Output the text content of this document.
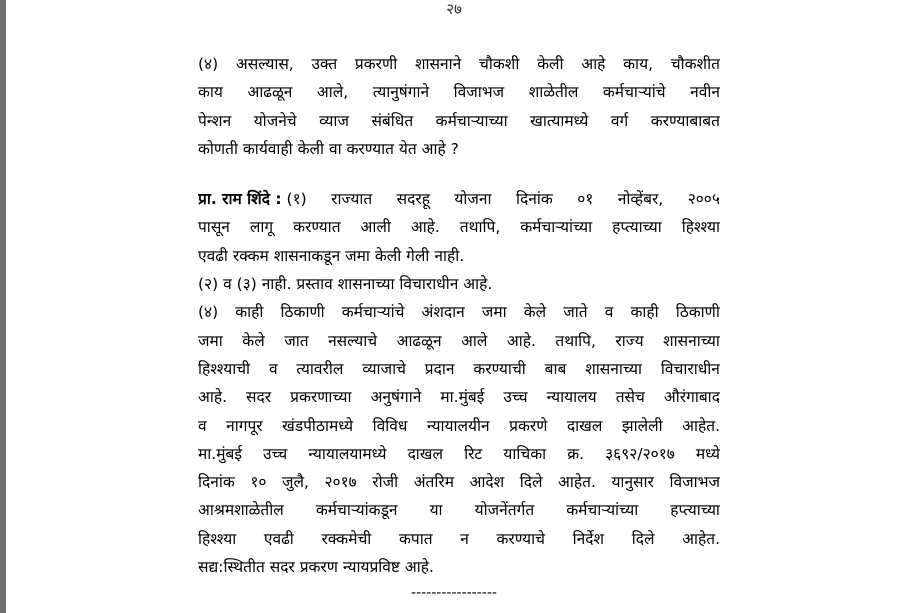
२७
(४) असल्यास, उक्त प्रकरणी शासनाने चौकशी केली आहे काय, चौकशीत
काय आढळून आले, त्यानुषंगाने विजाभज शाळेतील कर्मचाऱ्यांचे नवीन
पेन्शन योजनेचे व्याज संबंधित कर्मचाऱ्याच्या खात्यामध्ये वर्ग करण्याबाबत
कोणती कार्यवाही केली वा करण्यात येत आहे ?
प्रा. राम शिंदे : (१) राज्यात सदरहू योजना दिनांक ०१ नोव्हेंबर, २००५
पासून लागू करण्यात आली आहे. तथापि, कर्मचाऱ्यांच्या हप्त्याच्या हिश्श्या
एवढी रक्कम शासनाकडून जमा केली गेली नाही.
(२) व (३) नाही. प्रस्ताव शासनाच्या विचाराधीन आहे.
(४) काही ठिकाणी कर्मचाऱ्यांचे अंशदान जमा केले जाते व काही ठिकाणी
जमा केले जात नसल्याचे आढळून आले आहे. तथापि, राज्य शासनाच्या
हिश्श्याची व त्यावरील व्याजाचे प्रदान करण्याची बाब शासनाच्या विचाराधीन
आहे. सदर प्रकरणाच्या अनुषंगाने मा.मुंबई उच्च न्यायालय तसेच औरंगाबाद
व नागपूर खंडपीठामध्ये विविध न्यायालयीन प्रकरणे दाखल झालेली आहेत.
मा.मुंबई उच्च न्यायालयामध्ये दाखल रिट याचिका क्र. ३६९२/२०१७ मध्ये
दिनांक १० जुलै, २०१७ रोजी अंतरिम आदेश दिले आहेत. यानुसार विजाभज
आश्रमशाळेतील कर्मचाऱ्यांकडून या योजनेंतर्गत कर्मचाऱ्यांच्या हप्त्याच्या
हिश्श्या एवढी रक्कमेची कपात न करण्याचे निर्देश दिले आहेत.
सद्य:स्थितीत सदर प्रकरण न्यायप्रविष्ट आहे.
-----------------
